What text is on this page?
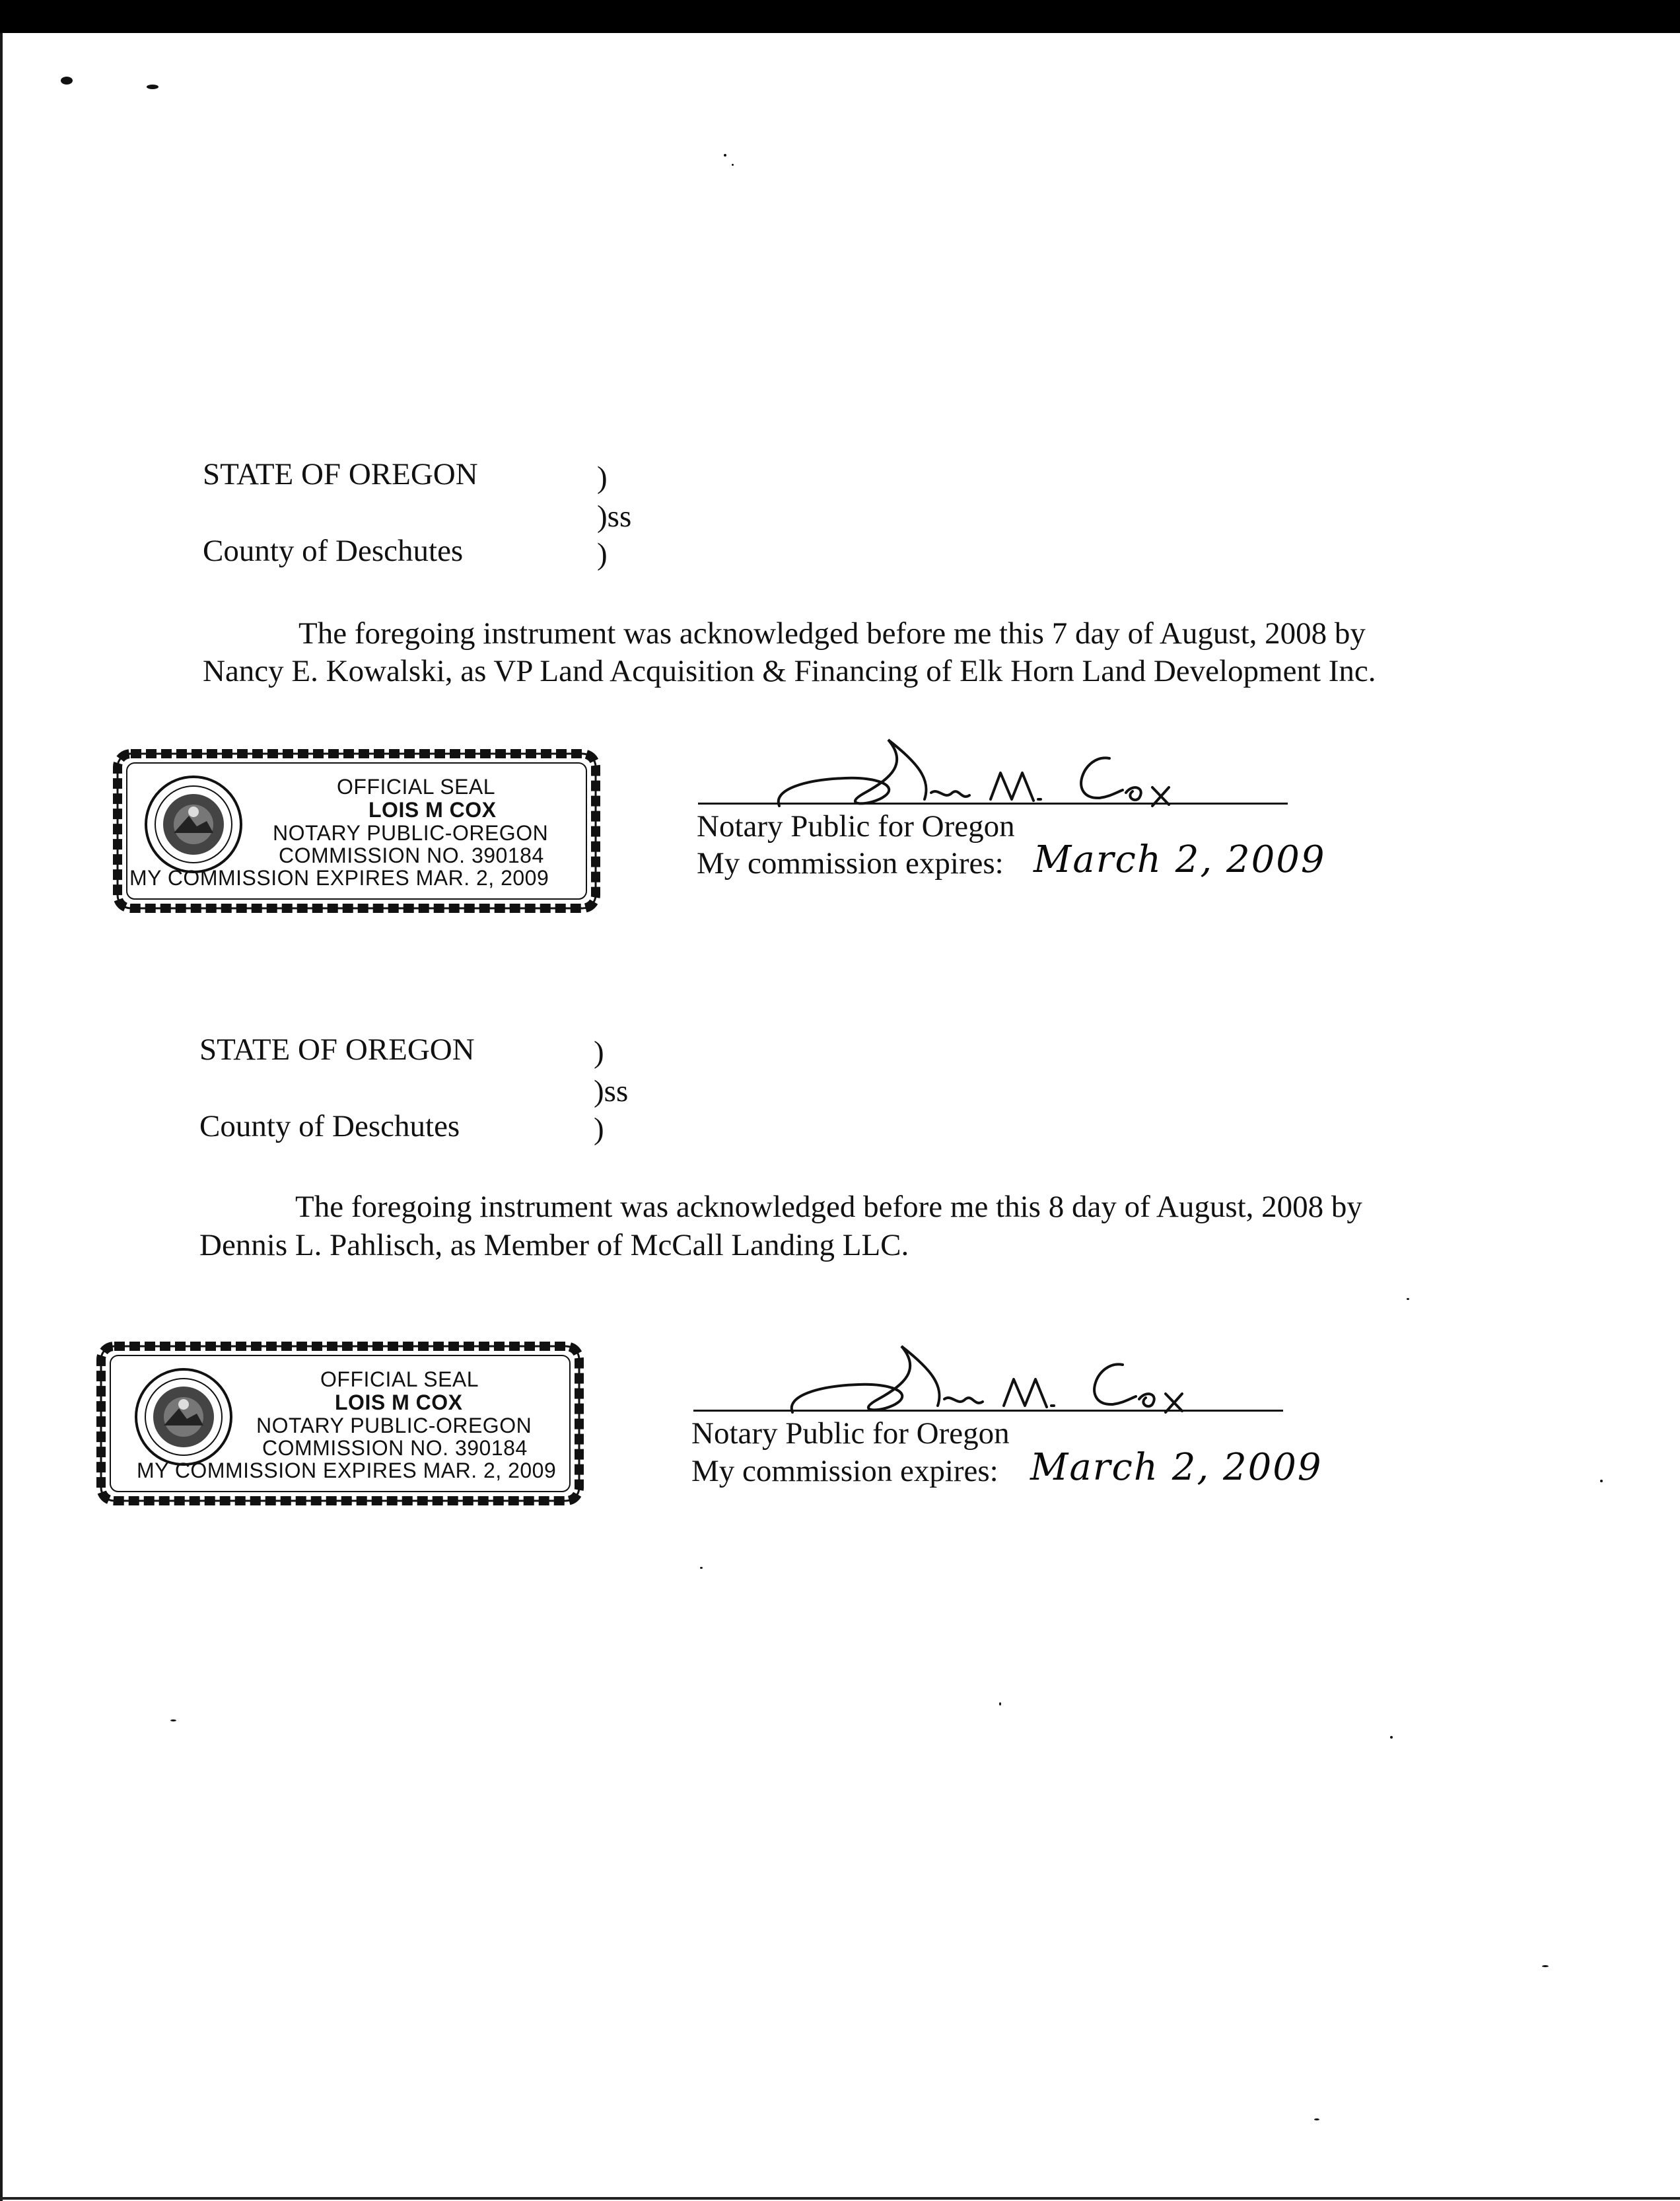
STATE OF OREGON	)

)ss

County of Deschutes	)

The foregoing instrument was acknowledged before me this 7 day of August, 2008 by

Nancy E. Kowalski, as VP Land Acquisition & Financing of Elk Horn Land Development Inc.

OFFICIAL SEAL
LOIS M COX
NOTARY PUBLIC-OREGON
COMMISSION NO. 390184
MY COMMISSION EXPIRES MAR. 2, 2009

Notary Public for Oregon

My commission expires: March 2, 2009

STATE OF OREGON	)

)ss

County of Deschutes	)

The foregoing instrument was acknowledged before me this 8 day of August, 2008 by

Dennis L. Pahlisch, as Member of McCall Landing LLC.

OFFICIAL SEAL
LOIS M COX
NOTARY PUBLIC-OREGON
COMMISSION NO. 390184
MY COMMISSION EXPIRES MAR. 2, 2009

Notary Public for Oregon

My commission expires: March 2, 2009
